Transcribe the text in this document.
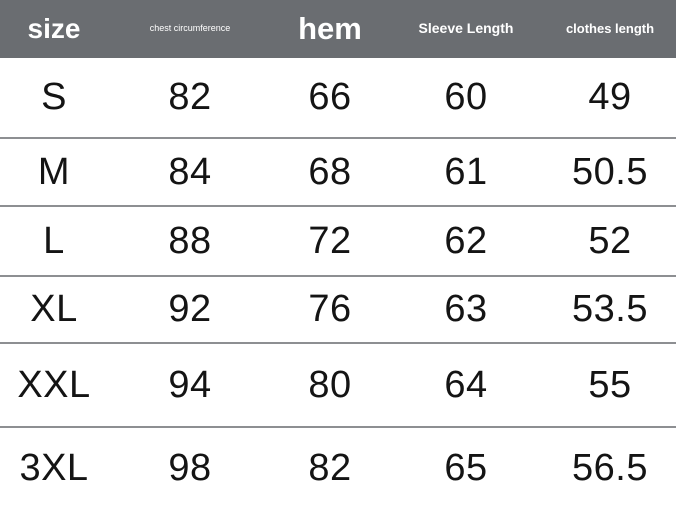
size	chest circumference	hem	Sleeve Length	clothes length
S	82	66	60	49
M	84	68	61	50.5
L	88	72	62	52
XL	92	76	63	53.5
XXL	94	80	64	55
3XL	98	82	65	56.5
